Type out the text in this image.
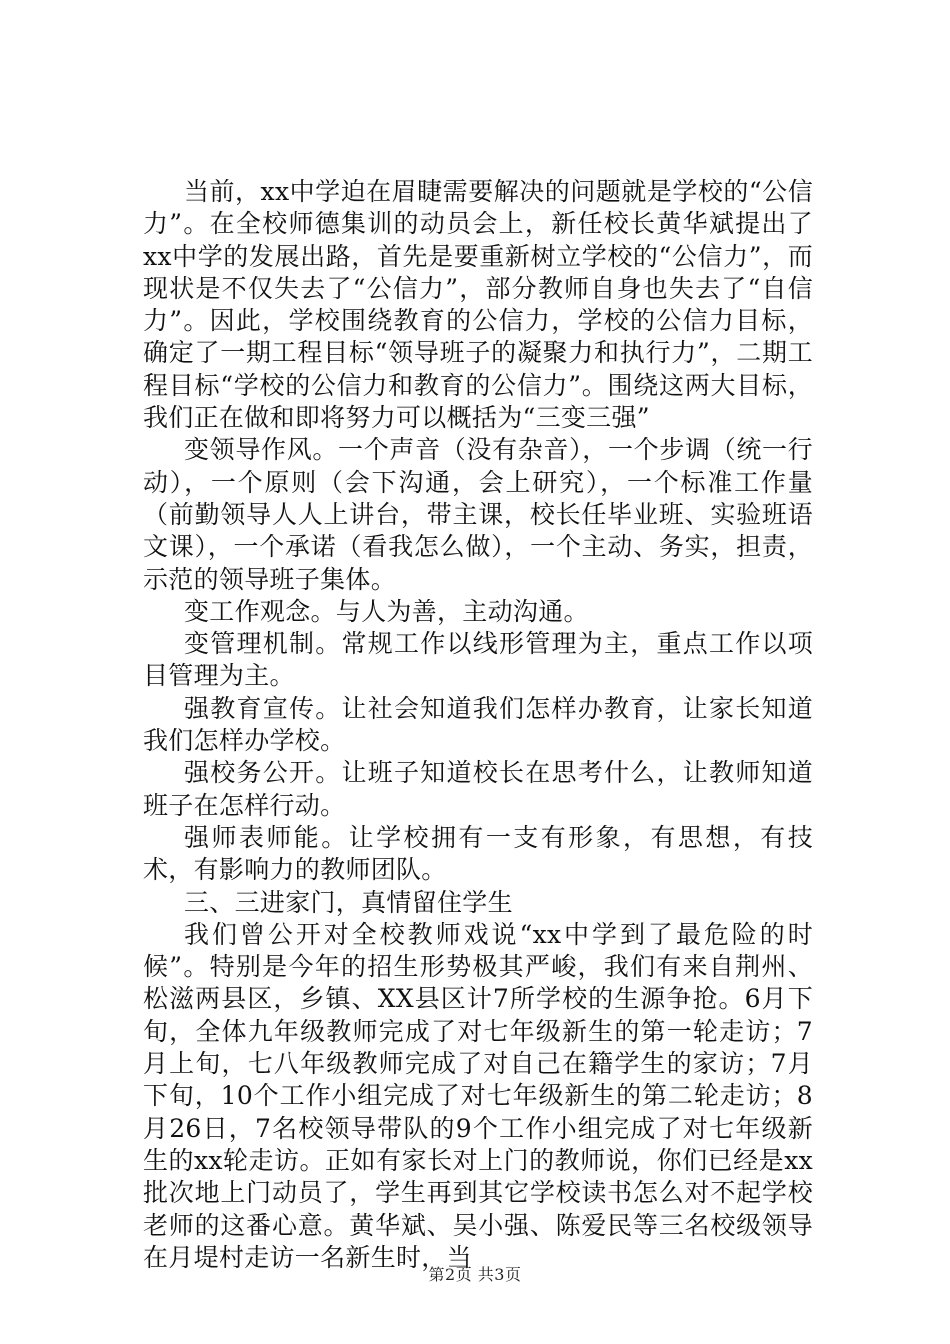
当前，xx中学迫在眉睫需要解决的问题就是学校的“公信力”。在全校师德集训的动员会上，新任校长黄华斌提出了xx中学的发展出路，首先是要重新树立学校的“公信力”，而现状是不仅失去了“公信力”，部分教师自身也失去了“自信力”。因此，学校围绕教育的公信力，学校的公信力目标，确定了一期工程目标“领导班子的凝聚力和执行力”，二期工程目标“学校的公信力和教育的公信力”。围绕这两大目标，我们正在做和即将努力可以概括为“三变三强”

变领导作风。一个声音（没有杂音），一个步调（统一行动），一个原则（会下沟通，会上研究），一个标准工作量（前勤领导人人上讲台，带主课，校长任毕业班、实验班语文课），一个承诺（看我怎么做），一个主动、务实，担责，示范的领导班子集体。

变工作观念。与人为善，主动沟通。

变管理机制。常规工作以线形管理为主，重点工作以项目管理为主。

强教育宣传。让社会知道我们怎样办教育，让家长知道我们怎样办学校。

强校务公开。让班子知道校长在思考什么，让教师知道班子在怎样行动。

强师表师能。让学校拥有一支有形象，有思想，有技术，有影响力的教师团队。

三、三进家门，真情留住学生

我们曾公开对全校教师戏说“xx中学到了最危险的时候”。特别是今年的招生形势极其严峻，我们有来自荆州、松滋两县区，乡镇、XX县区计7所学校的生源争抢。6月下旬，全体九年级教师完成了对七年级新生的第一轮走访；7月上旬，七八年级教师完成了对自己在籍学生的家访；7月下旬，10个工作小组完成了对七年级新生的第二轮走访；8月26日，7名校领导带队的9个工作小组完成了对七年级新生的xx轮走访。正如有家长对上门的教师说，你们已经是xx批次地上门动员了，学生再到其它学校读书怎么对不起学校老师的这番心意。黄华斌、吴小强、陈爱民等三名校级领导在月堤村走访一名新生时，当

第2页 共3页
